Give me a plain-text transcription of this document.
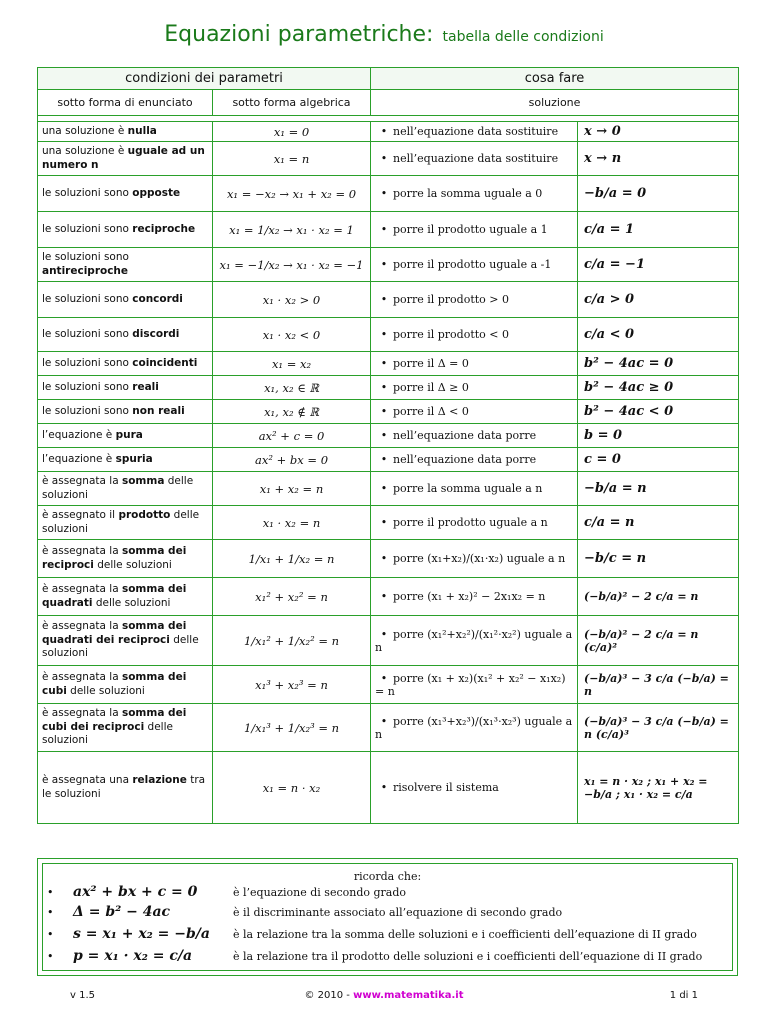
Equazioni parametriche: tabella delle condizioni
condizioni dei parametri		cosa fare	
sotto forma di enunciato	sotto forma algebrica	soluzione	

una soluzione è nulla	x₁ = 0	• nell’equazione data sostituire	x → 0
una soluzione è uguale ad un numero n	x₁ = n	• nell’equazione data sostituire	x → n
le soluzioni sono opposte	x₁ = −x₂ → x₁ + x₂ = 0	• porre la somma uguale a 0	−b/a = 0
le soluzioni sono reciproche	x₁ = 1/x₂ → x₁ · x₂ = 1	• porre il prodotto uguale a 1	c/a = 1
le soluzioni sono antireciproche	x₁ = −1/x₂ → x₁ · x₂ = −1	• porre il prodotto uguale a -1	c/a = −1
le soluzioni sono concordi	x₁ · x₂ > 0	• porre il prodotto > 0	c/a > 0
le soluzioni sono discordi	x₁ · x₂ < 0	• porre il prodotto < 0	c/a < 0
le soluzioni sono coincidenti	x₁ = x₂	• porre il Δ = 0	b² − 4ac = 0
le soluzioni sono reali	x₁, x₂ ∈ ℝ	• porre il Δ ≥ 0	b² − 4ac ≥ 0
le soluzioni sono non reali	x₁, x₂ ∉ ℝ	• porre il Δ < 0	b² − 4ac < 0
l’equazione è pura	ax² + c = 0	• nell’equazione data porre	b = 0
l’equazione è spuria	ax² + bx = 0	• nell’equazione data porre	c = 0
è assegnata la somma delle soluzioni	x₁ + x₂ = n	• porre la somma uguale a n	−b/a = n
è assegnato il prodotto delle soluzioni	x₁ · x₂ = n	• porre il prodotto uguale a n	c/a = n
è assegnata la somma dei reciproci delle soluzioni	1/x₁ + 1/x₂ = n	• porre (x₁+x₂)/(x₁·x₂) uguale a n	−b/c = n
è assegnata la somma dei quadrati delle soluzioni	x₁² + x₂² = n	• porre (x₁ + x₂)² − 2x₁x₂ = n	(−b/a)² − 2 c/a = n
è assegnata la somma dei quadrati dei reciproci delle soluzioni	1/x₁² + 1/x₂² = n	• porre (x₁²+x₂²)/(x₁²·x₂²) uguale a n	(−b/a)² − 2 c/a = n (c/a)²
è assegnata la somma dei cubi delle soluzioni	x₁³ + x₂³ = n	• porre (x₁ + x₂)(x₁² + x₂² − x₁x₂) = n	(−b/a)³ − 3 c/a (−b/a) = n
è assegnata la somma dei cubi dei reciproci delle soluzioni	1/x₁³ + 1/x₂³ = n	• porre (x₁³+x₂³)/(x₁³·x₂³) uguale a n	(−b/a)³ − 3 c/a (−b/a) = n (c/a)³
è assegnata una relazione tra le soluzioni	x₁ = n · x₂	• risolvere il sistema	x₁ = n · x₂ ; x₁ + x₂ = −b/a ; x₁ · x₂ = c/a
ricorda che:
• ax² + bx + c = 0	è l’equazione di secondo grado
• Δ = b² − 4ac	è il discriminante associato all’equazione di secondo grado
• s = x₁ + x₂ = −b/a è la relazione tra la somma delle soluzioni e i coefficienti dell’equazione di II grado
• p = x₁ · x₂ = c/a	è la relazione tra il prodotto delle soluzioni e i coefficienti dell’equazione di II grado
v 1.5	© 2010 - www.matematika.it	1 di 1
